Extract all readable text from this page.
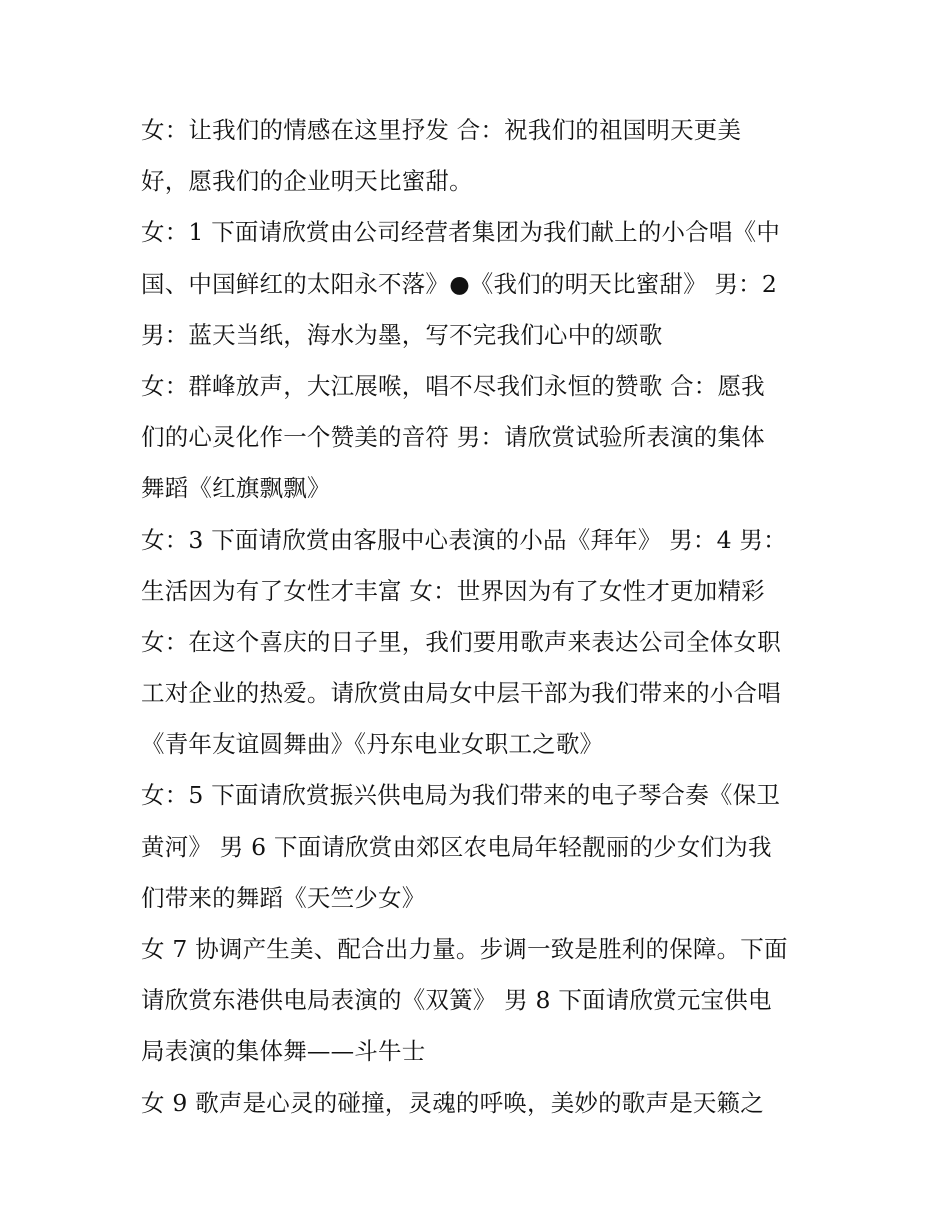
女：让我们的情感在这里抒发 合：祝我们的祖国明天更美
好，愿我们的企业明天比蜜甜。
女：1 下面请欣赏由公司经营者集团为我们献上的小合唱《中
国、中国鲜红的太阳永不落》●《我们的明天比蜜甜》 男：2
男：蓝天当纸，海水为墨，写不完我们心中的颂歌
女：群峰放声，大江展喉，唱不尽我们永恒的赞歌 合：愿我
们的心灵化作一个赞美的音符 男：请欣赏试验所表演的集体
舞蹈《红旗飘飘》
女：3 下面请欣赏由客服中心表演的小品《拜年》 男：4 男：
生活因为有了女性才丰富 女：世界因为有了女性才更加精彩
女：在这个喜庆的日子里，我们要用歌声来表达公司全体女职
工对企业的热爱。请欣赏由局女中层干部为我们带来的小合唱
《青年友谊圆舞曲》《丹东电业女职工之歌》
女：5 下面请欣赏振兴供电局为我们带来的电子琴合奏《保卫
黄河》 男 6 下面请欣赏由郊区农电局年轻靓丽的少女们为我
们带来的舞蹈《天竺少女》
女 7 协调产生美、配合出力量。步调一致是胜利的保障。下面
请欣赏东港供电局表演的《双簧》 男 8 下面请欣赏元宝供电
局表演的集体舞——斗牛士
女 9 歌声是心灵的碰撞，灵魂的呼唤，美妙的歌声是天籁之
